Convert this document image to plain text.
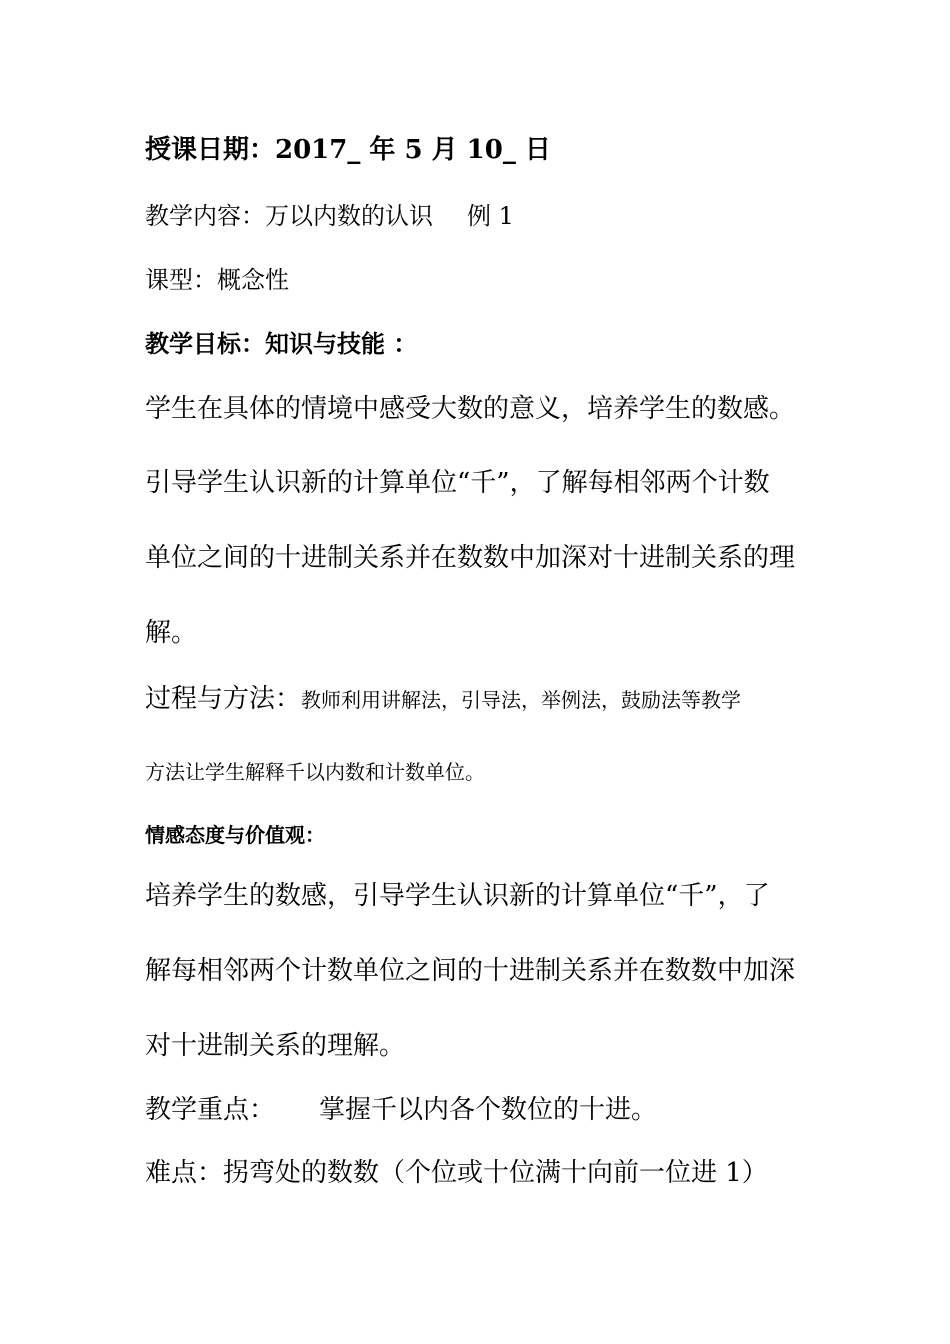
授课日期：2017_ 年 5 月 10_ 日

教学内容：万以内数的认识 例 1

课型：概念性

教学目标：知识与技能 ：

学生在具体的情境中感受大数的意义，培养学生的数感。

引导学生认识新的计算单位“千”，了解每相邻两个计数

单位之间的十进制关系并在数数中加深对十进制关系的理

解。

过程与方法：教师利用讲解法，引导法，举例法，鼓励法等教学

方法让学生解释千以内数和计数单位。

情感态度与价值观：

培养学生的数感，引导学生认识新的计算单位“千”，了

解每相邻两个计数单位之间的十进制关系并在数数中加深

对十进制关系的理解。

教学重点： 掌握千以内各个数位的十进。

难点：拐弯处的数数（个位或十位满十向前一位进 1）
